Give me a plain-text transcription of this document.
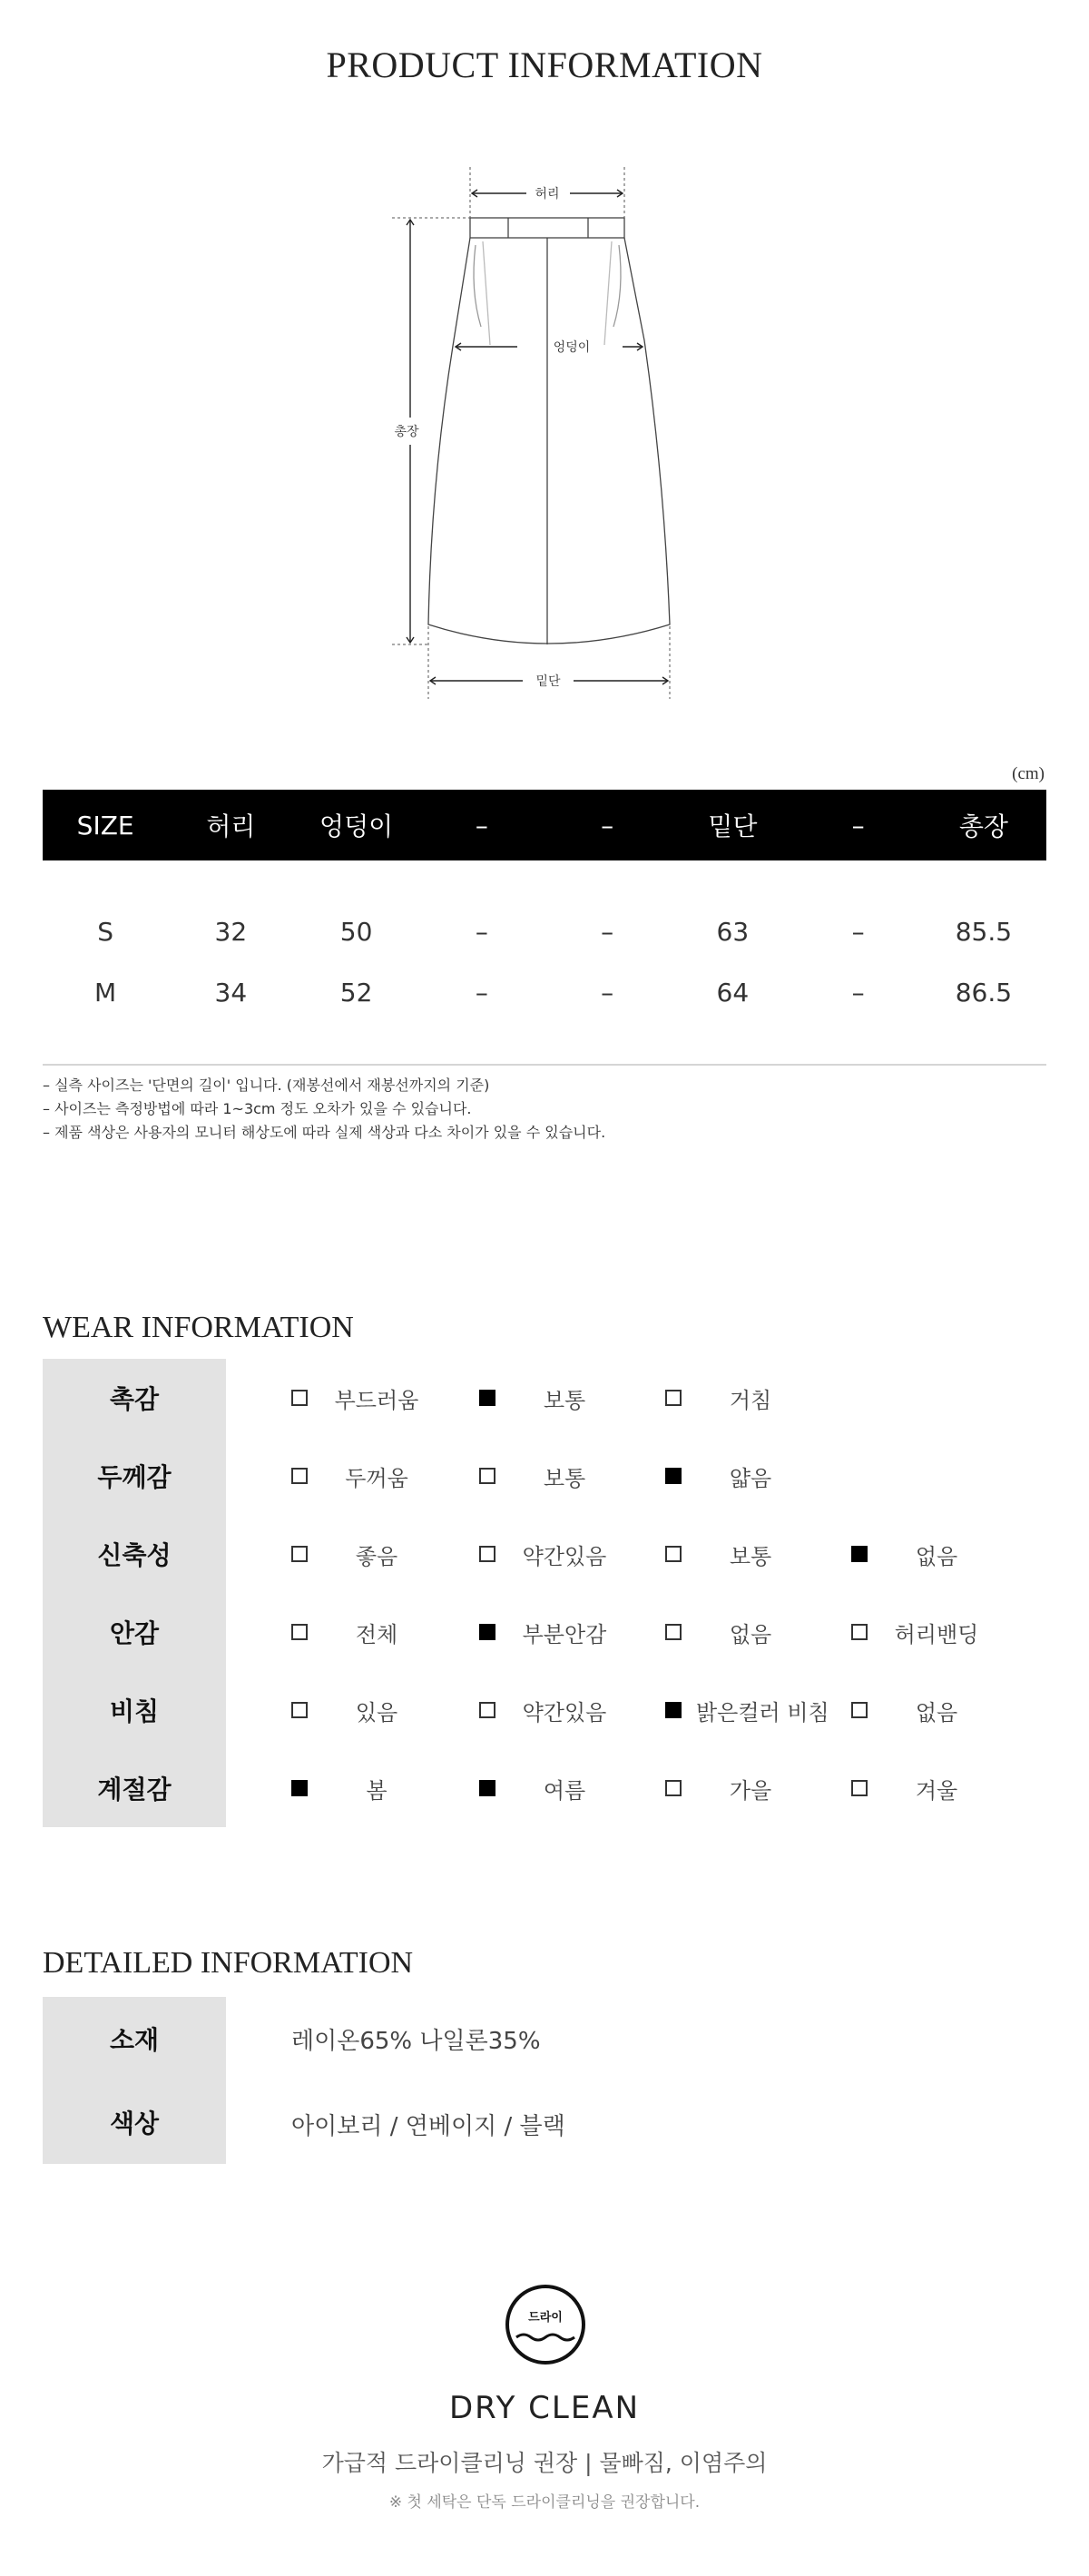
PRODUCT INFORMATION
허리
엉덩이
총장
밑단
(cm)
SIZE	허리	엉덩이	–	–	밑단	–	총장
S	32	50	–	–	63	–	85.5
M	34	52	–	–	64	–	86.5
– 실측 사이즈는 '단면의 길이' 입니다. (재봉선에서 재봉선까지의 기준)
– 사이즈는 측정방법에 따라 1~3cm 정도 오차가 있을 수 있습니다.
– 제품 색상은 사용자의 모니터 해상도에 따라 실제 색상과 다소 차이가 있을 수 있습니다.
WEAR INFORMATION
촉감	부드러움	보통	거침
두께감	두꺼움	보통	얇음
신축성	좋음	약간있음	보통	없음
안감	전체	부분안감	없음	허리밴딩
비침	있음	약간있음	밝은컬러 비침	없음
계절감	봄	여름	가을	겨울
DETAILED INFORMATION
소재	레이온65% 나일론35%
색상	아이보리 / 연베이지 / 블랙
드라이
DRY CLEAN
가급적 드라이클리닝 권장 | 물빠짐, 이염주의
※ 첫 세탁은 단독 드라이클리닝을 권장합니다.
